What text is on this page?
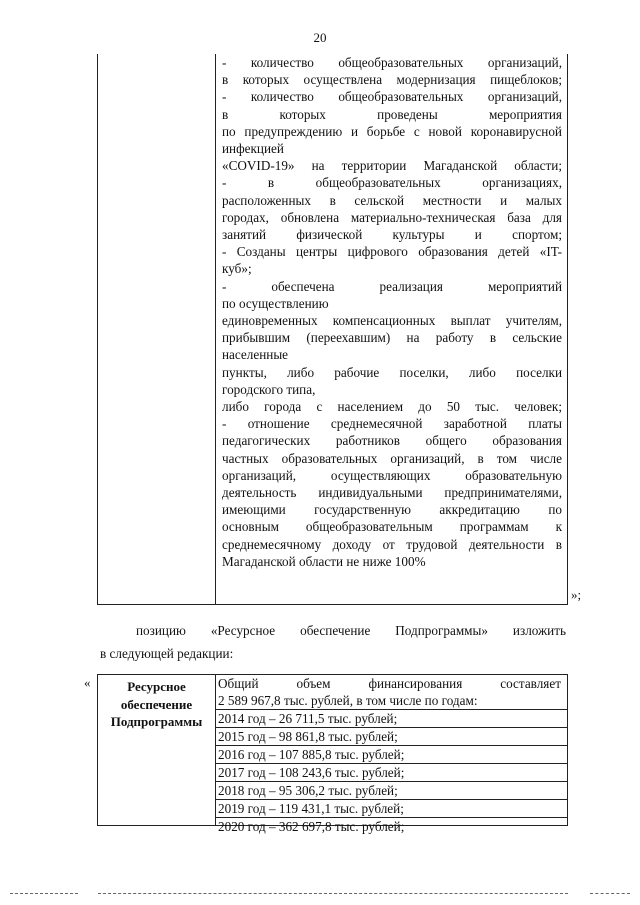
20

- количество общеобразовательных организаций,

в которых осуществлена модернизация пищеблоков;

- количество общеобразовательных организаций,

в которых проведены мероприятия

по предупреждению и борьбе с новой коронавирусной

инфекцией

«COVID-19» на территории Магаданской области;

- в общеобразовательных организациях,

расположенных в сельской местности и малых

городах, обновлена материально-техническая база для

занятий физической культуры и спортом;

- Созданы центры цифрового образования детей «IT-

куб»;

- обеспечена реализация мероприятий

по осуществлению

единовременных компенсационных выплат учителям,

прибывшим (переехавшим) на работу в сельские

населенные

пункты, либо рабочие поселки, либо поселки

городского типа,

либо города с населением до 50 тыс. человек;

- отношение среднемесячной заработной платы

педагогических работников общего образования

частных образовательных организаций, в том числе

организаций, осуществляющих образовательную

деятельность индивидуальными предпринимателями,

имеющими государственную аккредитацию по

основным общеобразовательным программам к

среднемесячному доходу от трудовой деятельности в

Магаданской области не ниже 100%

»;

позицию «Ресурсное обеспечение Подпрограммы» изложить

в следующей редакции:

«	Ресурсное
обеспечение
Подпрограммы
Общий объем финансирования составляет
2 589 967,8 тыс. рублей, в том числе по годам:
2014 год – 26 711,5 тыс. рублей;
2015 год – 98 861,8 тыс. рублей;
2016 год – 107 885,8 тыс. рублей;
2017 год – 108 243,6 тыс. рублей;
2018 год – 95 306,2 тыс. рублей;
2019 год – 119 431,1 тыс. рублей;
2020 год – 362 697,8 тыс. рублей;
